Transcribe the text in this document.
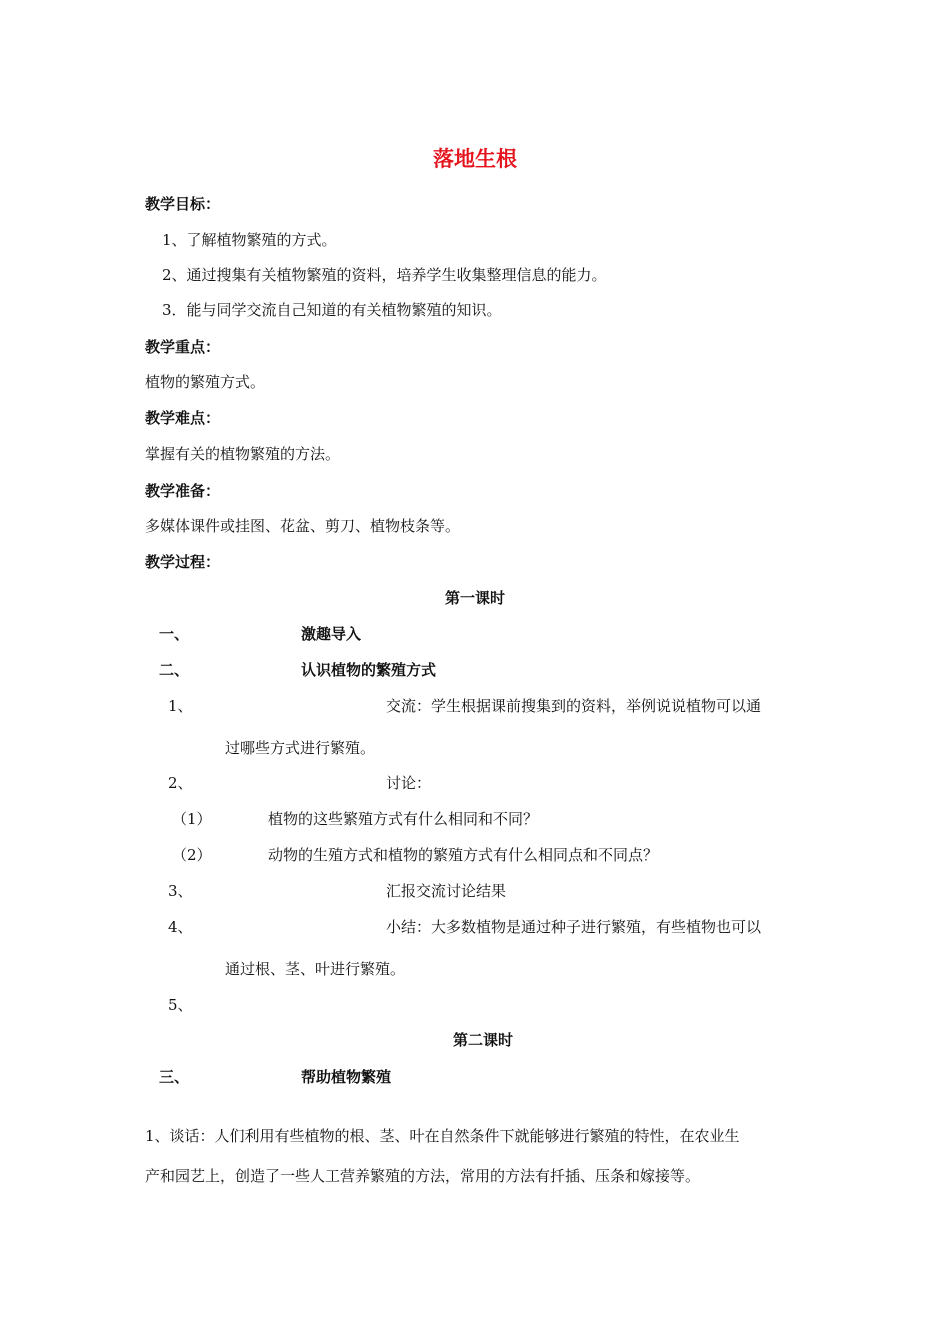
落地生根
教学目标：
1、了解植物繁殖的方式。
2、通过搜集有关植物繁殖的资料，培养学生收集整理信息的能力。
3．能与同学交流自己知道的有关植物繁殖的知识。
教学重点：
植物的繁殖方式。
教学难点：
掌握有关的植物繁殖的方法。
教学准备：
多媒体课件或挂图、花盆、剪刀、植物枝条等。
教学过程：
第一课时
一、	激趣导入
二、	认识植物的繁殖方式
1、	交流：学生根据课前搜集到的资料，举例说说植物可以通
过哪些方式进行繁殖。
2、	讨论：
（1）	植物的这些繁殖方式有什么相同和不同？
（2）	动物的生殖方式和植物的繁殖方式有什么相同点和不同点？
3、	汇报交流讨论结果
4、	小结：大多数植物是通过种子进行繁殖，有些植物也可以
通过根、茎、叶进行繁殖。
5、
第二课时
三、	帮助植物繁殖
1、谈话：人们利用有些植物的根、茎、叶在自然条件下就能够进行繁殖的特性，在农业生
产和园艺上，创造了一些人工营养繁殖的方法，常用的方法有扦插、压条和嫁接等。
